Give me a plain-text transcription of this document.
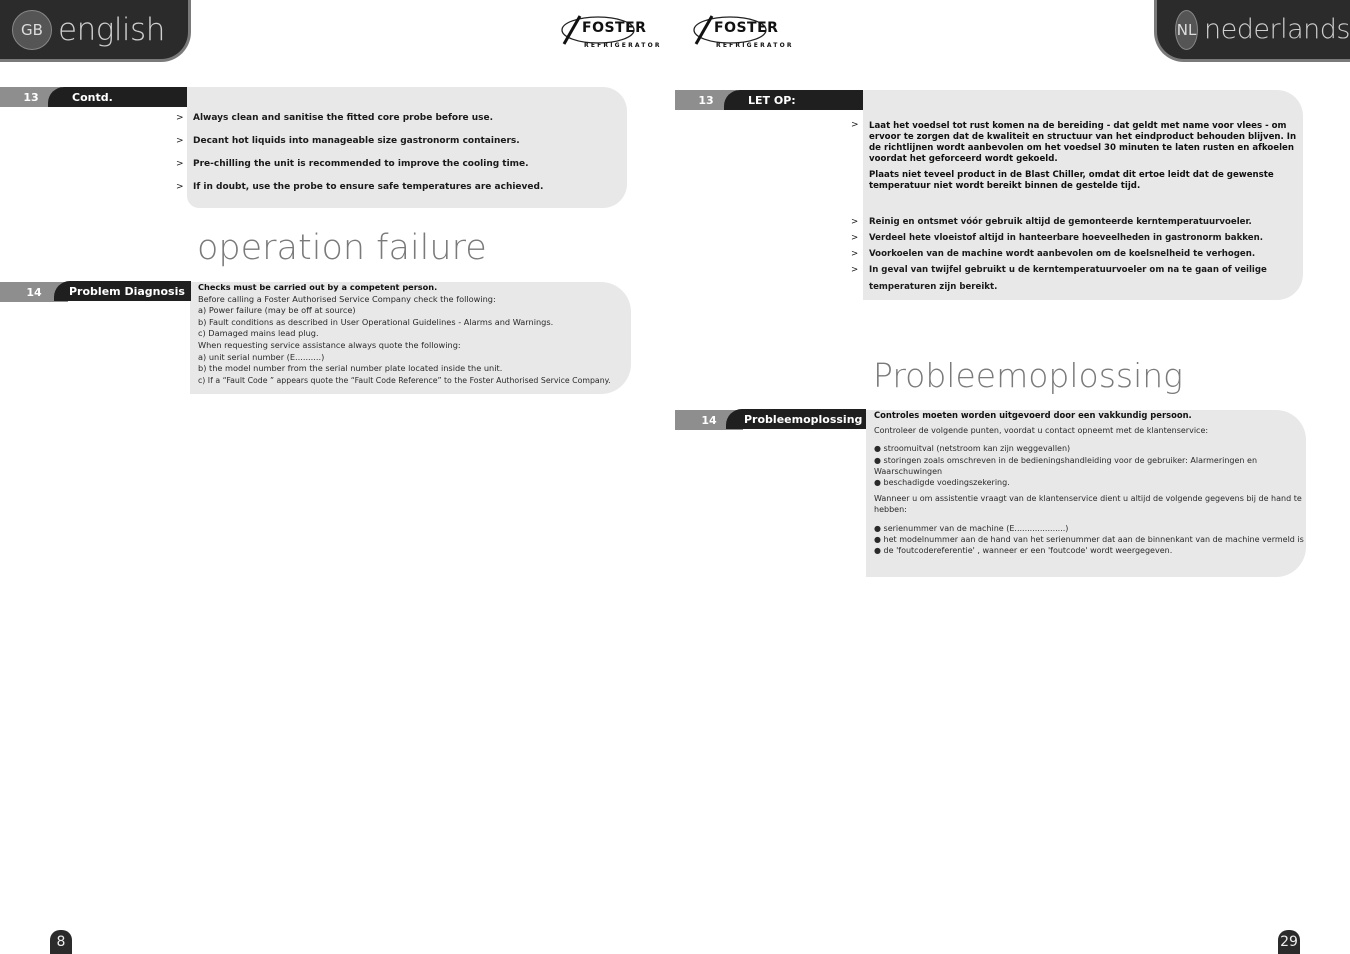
GB english	FOSTER
REFRIGERATOR
FOSTER
REFRIGERATOR
13	Contd.
> Always clean and sanitise the fitted core probe before use.
> Decant hot liquids into manageable size gastronorm containers.
> Pre-chilling the unit is recommended to improve the cooling time.
> If in doubt, use the probe to ensure safe temperatures are achieved.
operation failure
14	Problem Diagnosis	Checks must be carried out by a competent person.
Before calling a Foster Authorised Service Company check the following:
a) Power failure (may be off at source)
b) Fault conditions as described in User Operational Guidelines - Alarms and Warnings.
c) Damaged mains lead plug.
When requesting service assistance always quote the following:
a) unit serial number (E..........)
b) the model number from the serial number plate located inside the unit.
c) If a “Fault Code ” appears quote the “Fault Code Reference” to the Foster Authorised Service Company.
8
NL nederlands
13	LET OP:
> Laat het voedsel tot rust komen na de bereiding - dat geldt met name voor vlees - om
ervoor te zorgen dat de kwaliteit en structuur van het eindproduct behouden blijven. In
de richtlijnen wordt aanbevolen om het voedsel 30 minuten te laten rusten en afkoelen
voordat het geforceerd wordt gekoeld.
Plaats niet teveel product in de Blast Chiller, omdat dit ertoe leidt dat de gewenste
temperatuur niet wordt bereikt binnen de gestelde tijd.
> Reinig en ontsmet vóór gebruik altijd de gemonteerde kerntemperatuurvoeler.
> Verdeel hete vloeistof altijd in hanteerbare hoeveelheden in gastronorm bakken.
> Voorkoelen van de machine wordt aanbevolen om de koelsnelheid te verhogen.
> In geval van twijfel gebruikt u de kerntemperatuurvoeler om na te gaan of veilige
temperaturen zijn bereikt.
Probleemoplossing
14	Probleemoplossing	Controles moeten worden uitgevoerd door een vakkundig persoon.
Controleer de volgende punten, voordat u contact opneemt met de klantenservice:
● stroomuitval (netstroom kan zijn weggevallen)
● storingen zoals omschreven in de bedieningshandleiding voor de gebruiker: Alarmeringen en
Waarschuwingen
● beschadigde voedingszekering.
Wanneer u om assistentie vraagt van de klantenservice dient u altijd de volgende gegevens bij de hand te
hebben:
● serienummer van de machine (E....................)
● het modelnummer aan de hand van het serienummer dat aan de binnenkant van de machine vermeld is
● de 'foutcodereferentie' , wanneer er een 'foutcode' wordt weergegeven.
29
